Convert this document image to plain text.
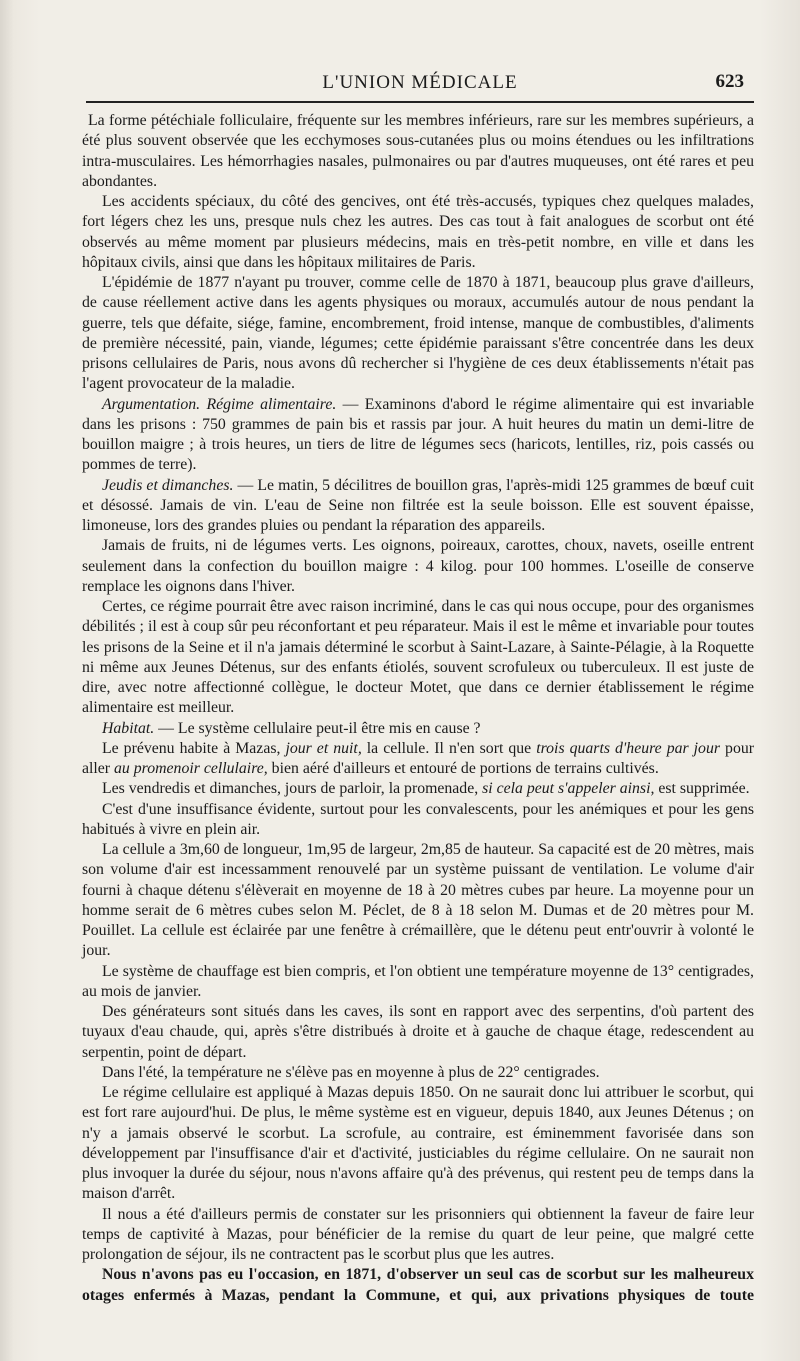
L'UNION MÉDICALE	623

La forme pétéchiale folliculaire, fréquente sur les membres inférieurs, rare sur les membres supérieurs, a été plus souvent observée que les ecchymoses sous-cutanées plus ou moins étendues ou les infiltrations intra-musculaires. Les hémorrhagies nasales, pulmonaires ou par d'autres muqueuses, ont été rares et peu abondantes.

Les accidents spéciaux, du côté des gencives, ont été très-accusés, typiques chez quelques malades, fort légers chez les uns, presque nuls chez les autres. Des cas tout à fait analogues de scorbut ont été observés au même moment par plusieurs médecins, mais en très-petit nombre, en ville et dans les hôpitaux civils, ainsi que dans les hôpitaux militaires de Paris.

L'épidémie de 1877 n'ayant pu trouver, comme celle de 1870 à 1871, beaucoup plus grave d'ailleurs, de cause réellement active dans les agents physiques ou moraux, accumulés autour de nous pendant la guerre, tels que défaite, siége, famine, encombrement, froid intense, manque de combustibles, d'aliments de première nécessité, pain, viande, légumes; cette épidémie paraissant s'être concentrée dans les deux prisons cellulaires de Paris, nous avons dû rechercher si l'hygiène de ces deux établissements n'était pas l'agent provocateur de la maladie.

Argumentation. Régime alimentaire. — Examinons d'abord le régime alimentaire qui est invariable dans les prisons : 750 grammes de pain bis et rassis par jour. A huit heures du matin un demi-litre de bouillon maigre ; à trois heures, un tiers de litre de légumes secs (haricots, lentilles, riz, pois cassés ou pommes de terre).

Jeudis et dimanches. — Le matin, 5 décilitres de bouillon gras, l'après-midi 125 grammes de bœuf cuit et désossé. Jamais de vin. L'eau de Seine non filtrée est la seule boisson. Elle est souvent épaisse, limoneuse, lors des grandes pluies ou pendant la réparation des appareils.

Jamais de fruits, ni de légumes verts. Les oignons, poireaux, carottes, choux, navets, oseille entrent seulement dans la confection du bouillon maigre : 4 kilog. pour 100 hommes. L'oseille de conserve remplace les oignons dans l'hiver.

Certes, ce régime pourrait être avec raison incriminé, dans le cas qui nous occupe, pour des organismes débilités ; il est à coup sûr peu réconfortant et peu réparateur. Mais il est le même et invariable pour toutes les prisons de la Seine et il n'a jamais déterminé le scorbut à Saint-Lazare, à Sainte-Pélagie, à la Roquette ni même aux Jeunes Détenus, sur des enfants étiolés, souvent scrofuleux ou tuberculeux. Il est juste de dire, avec notre affectionné collègue, le docteur Motet, que dans ce dernier établissement le régime alimentaire est meilleur.

Habitat. — Le système cellulaire peut-il être mis en cause ?

Le prévenu habite à Mazas, jour et nuit, la cellule. Il n'en sort que trois quarts d'heure par jour pour aller au promenoir cellulaire, bien aéré d'ailleurs et entouré de portions de terrains cultivés.

Les vendredis et dimanches, jours de parloir, la promenade, si cela peut s'appeler ainsi, est supprimée.

C'est d'une insuffisance évidente, surtout pour les convalescents, pour les anémiques et pour les gens habitués à vivre en plein air.

La cellule a 3m,60 de longueur, 1m,95 de largeur, 2m,85 de hauteur. Sa capacité est de 20 mètres, mais son volume d'air est incessamment renouvelé par un système puissant de ventilation. Le volume d'air fourni à chaque détenu s'élèverait en moyenne de 18 à 20 mètres cubes par heure. La moyenne pour un homme serait de 6 mètres cubes selon M. Péclet, de 8 à 18 selon M. Dumas et de 20 mètres pour M. Pouillet. La cellule est éclairée par une fenêtre à crémaillère, que le détenu peut entr'ouvrir à volonté le jour.

Le système de chauffage est bien compris, et l'on obtient une température moyenne de 13° centigrades, au mois de janvier.

Des générateurs sont situés dans les caves, ils sont en rapport avec des serpentins, d'où partent des tuyaux d'eau chaude, qui, après s'être distribués à droite et à gauche de chaque étage, redescendent au serpentin, point de départ.

Dans l'été, la température ne s'élève pas en moyenne à plus de 22° centigrades.

Le régime cellulaire est appliqué à Mazas depuis 1850. On ne saurait donc lui attribuer le scorbut, qui est fort rare aujourd'hui. De plus, le même système est en vigueur, depuis 1840, aux Jeunes Détenus ; on n'y a jamais observé le scorbut. La scrofule, au contraire, est éminemment favorisée dans son développement par l'insuffisance d'air et d'activité, justiciables du régime cellulaire. On ne saurait non plus invoquer la durée du séjour, nous n'avons affaire qu'à des prévenus, qui restent peu de temps dans la maison d'arrêt.

Il nous a été d'ailleurs permis de constater sur les prisonniers qui obtiennent la faveur de faire leur temps de captivité à Mazas, pour bénéficier de la remise du quart de leur peine, que malgré cette prolongation de séjour, ils ne contractent pas le scorbut plus que les autres.

Nous n'avons pas eu l'occasion, en 1871, d'observer un seul cas de scorbut sur les malheureux otages enfermés à Mazas, pendant la Commune, et qui, aux privations physiques de toute
